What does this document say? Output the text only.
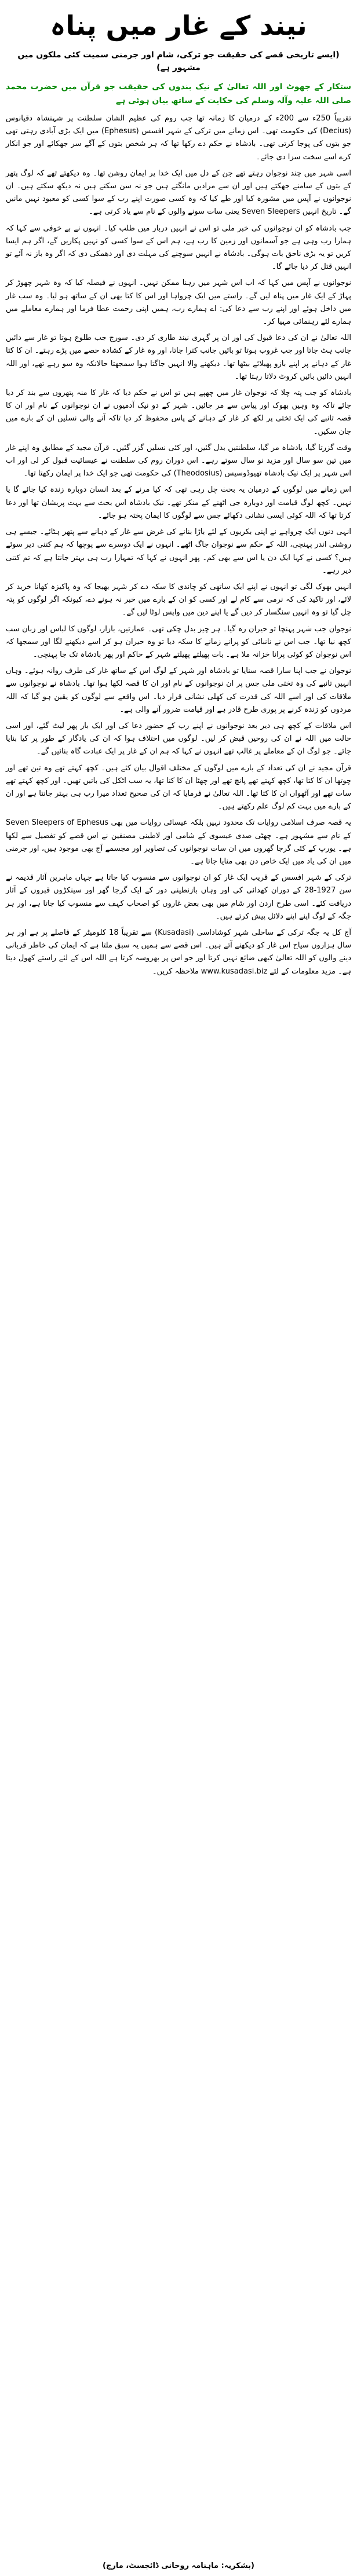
نیند کے غار میں پناہ
(ایسے تاریخی قصے کی حقیقت جو ترکی، شام اور جرمنی سمیت کئی ملکوں میں مشہور ہے)
ستکار کے جھوٹ اور اللہ تعالیٰ کے نیک بندوں کی حقیقت جو قرآن میں حضرت محمد صلی اللہ علیہ وآلہ وسلم کی حکایت کے ساتھ بیان ہوئی ہے

تقریباً 250ء سے 200ء کے درمیان کا زمانہ تھا جب روم کی عظیم الشان سلطنت پر شہنشاہ دقیانوس (Decius) کی حکومت تھی۔ اس زمانے میں ترکی کے شہر افسس (Ephesus) میں ایک بڑی آبادی رہتی تھی جو بتوں کی پوجا کرتی تھی۔ بادشاہ نے حکم دے رکھا تھا کہ ہر شخص بتوں کے آگے سر جھکائے اور جو انکار کرے اسے سخت سزا دی جائے۔

اسی شہر میں چند نوجوان رہتے تھے جن کے دل میں ایک خدا پر ایمان روشن تھا۔ وہ دیکھتے تھے کہ لوگ پتھر کے بتوں کے سامنے جھکتے ہیں اور ان سے مرادیں مانگتے ہیں جو نہ سن سکتے ہیں نہ دیکھ سکتے ہیں۔ ان نوجوانوں نے آپس میں مشورہ کیا اور طے کیا کہ وہ کسی صورت اپنے رب کے سوا کسی کو معبود نہیں مانیں گے۔ تاریخ انہیں Seven Sleepers یعنی سات سونے والوں کے نام سے یاد کرتی ہے۔

جب بادشاہ کو ان نوجوانوں کی خبر ملی تو اس نے انہیں دربار میں طلب کیا۔ انہوں نے بے خوفی سے کہا کہ ہمارا رب وہی ہے جو آسمانوں اور زمین کا رب ہے، ہم اس کے سوا کسی کو نہیں پکاریں گے، اگر ہم ایسا کریں تو یہ بڑی ناحق بات ہوگی۔ بادشاہ نے انہیں سوچنے کی مہلت دی اور دھمکی دی کہ اگر وہ باز نہ آئے تو انہیں قتل کر دیا جائے گا۔

نوجوانوں نے آپس میں کہا کہ اب اس شہر میں رہنا ممکن نہیں۔ انہوں نے فیصلہ کیا کہ وہ شہر چھوڑ کر پہاڑ کے ایک غار میں پناہ لیں گے۔ راستے میں ایک چرواہا اور اس کا کتا بھی ان کے ساتھ ہو لیا۔ وہ سب غار میں داخل ہوئے اور اپنے رب سے دعا کی: اے ہمارے رب، ہمیں اپنی رحمت عطا فرما اور ہمارے معاملے میں ہمارے لئے رہنمائی مہیا کر۔

اللہ تعالیٰ نے ان کی دعا قبول کی اور ان پر گہری نیند طاری کر دی۔ سورج جب طلوع ہوتا تو غار سے دائیں جانب ہٹ جاتا اور جب غروب ہوتا تو بائیں جانب کترا جاتا، اور وہ غار کے کشادہ حصے میں پڑے رہتے۔ ان کا کتا غار کے دہانے پر اپنے بازو پھیلائے بیٹھا تھا۔ دیکھنے والا انہیں جاگتا ہوا سمجھتا حالانکہ وہ سو رہے تھے، اور اللہ انہیں دائیں بائیں کروٹ دلاتا رہتا تھا۔

بادشاہ کو جب پتہ چلا کہ نوجوان غار میں چھپے ہیں تو اس نے حکم دیا کہ غار کا منہ پتھروں سے بند کر دیا جائے تاکہ وہ وہیں بھوک اور پیاس سے مر جائیں۔ شہر کے دو نیک آدمیوں نے ان نوجوانوں کے نام اور ان کا قصہ تانبے کی ایک تختی پر لکھ کر غار کے دہانے کے پاس محفوظ کر دیا تاکہ آنے والی نسلیں ان کے بارے میں جان سکیں۔

وقت گزرتا گیا، بادشاہ مر گیا، سلطنتیں بدل گئیں، اور کئی نسلیں گزر گئیں۔ قرآن مجید کے مطابق وہ اپنے غار میں تین سو سال اور مزید نو سال سوتے رہے۔ اس دوران روم کی سلطنت نے عیسائیت قبول کر لی اور اب اس شہر پر ایک نیک بادشاہ تھیوڈوسیس (Theodosius) کی حکومت تھی جو ایک خدا پر ایمان رکھتا تھا۔

اس زمانے میں لوگوں کے درمیان یہ بحث چل رہی تھی کہ کیا مرنے کے بعد انسان دوبارہ زندہ کیا جائے گا یا نہیں۔ کچھ لوگ قیامت اور دوبارہ جی اٹھنے کے منکر تھے۔ نیک بادشاہ اس بحث سے بہت پریشان تھا اور دعا کرتا تھا کہ اللہ کوئی ایسی نشانی دکھائے جس سے لوگوں کا ایمان پختہ ہو جائے۔

انہی دنوں ایک چرواہے نے اپنی بکریوں کے لئے باڑا بنانے کی غرض سے غار کے دہانے سے پتھر ہٹائے۔ جیسے ہی روشنی اندر پہنچی، اللہ کے حکم سے نوجوان جاگ اٹھے۔ انہوں نے ایک دوسرے سے پوچھا کہ ہم کتنی دیر سوئے ہیں؟ کسی نے کہا ایک دن یا اس سے بھی کم۔ پھر انہوں نے کہا کہ تمہارا رب ہی بہتر جانتا ہے کہ تم کتنی دیر رہے۔

انہیں بھوک لگی تو انہوں نے اپنے ایک ساتھی کو چاندی کا سکہ دے کر شہر بھیجا کہ وہ پاکیزہ کھانا خرید کر لائے، اور تاکید کی کہ نرمی سے کام لے اور کسی کو ان کے بارے میں خبر نہ ہونے دے، کیونکہ اگر لوگوں کو پتہ چل گیا تو وہ انہیں سنگسار کر دیں گے یا اپنے دین میں واپس لوٹا لیں گے۔

نوجوان جب شہر پہنچا تو حیران رہ گیا۔ ہر چیز بدل چکی تھی۔ عمارتیں، بازار، لوگوں کا لباس اور زبان سب کچھ نیا تھا۔ جب اس نے نانبائی کو پرانے زمانے کا سکہ دیا تو وہ حیران ہو کر اسے دیکھنے لگا اور سمجھا کہ اس نوجوان کو کوئی پرانا خزانہ ملا ہے۔ بات پھیلتے پھیلتے شہر کے حاکم اور پھر بادشاہ تک جا پہنچی۔

نوجوان نے جب اپنا سارا قصہ سنایا تو بادشاہ اور شہر کے لوگ اس کے ساتھ غار کی طرف روانہ ہوئے۔ وہاں انہیں تانبے کی وہ تختی ملی جس پر ان نوجوانوں کے نام اور ان کا قصہ لکھا ہوا تھا۔ بادشاہ نے نوجوانوں سے ملاقات کی اور اسے اللہ کی قدرت کی کھلی نشانی قرار دیا۔ اس واقعے سے لوگوں کو یقین ہو گیا کہ اللہ مردوں کو زندہ کرنے پر پوری طرح قادر ہے اور قیامت ضرور آنے والی ہے۔

اس ملاقات کے کچھ ہی دیر بعد نوجوانوں نے اپنے رب کے حضور دعا کی اور ایک بار پھر لیٹ گئے، اور اسی حالت میں اللہ نے ان کی روحیں قبض کر لیں۔ لوگوں میں اختلاف ہوا کہ ان کی یادگار کے طور پر کیا بنایا جائے۔ جو لوگ ان کے معاملے پر غالب تھے انہوں نے کہا کہ ہم ان کے غار پر ایک عبادت گاہ بنائیں گے۔

قرآن مجید نے ان کی تعداد کے بارے میں لوگوں کے مختلف اقوال بیان کئے ہیں۔ کچھ کہتے تھے وہ تین تھے اور چوتھا ان کا کتا تھا، کچھ کہتے تھے پانچ تھے اور چھٹا ان کا کتا تھا، یہ سب اٹکل کی باتیں تھیں۔ اور کچھ کہتے تھے سات تھے اور آٹھواں ان کا کتا تھا۔ اللہ تعالیٰ نے فرمایا کہ ان کی صحیح تعداد میرا رب ہی بہتر جانتا ہے اور ان کے بارے میں بہت کم لوگ علم رکھتے ہیں۔

یہ قصہ صرف اسلامی روایات تک محدود نہیں بلکہ عیسائی روایات میں بھی Seven Sleepers of Ephesus کے نام سے مشہور ہے۔ چھٹی صدی عیسوی کے شامی اور لاطینی مصنفین نے اس قصے کو تفصیل سے لکھا ہے۔ یورپ کے کئی گرجا گھروں میں ان سات نوجوانوں کی تصاویر اور مجسمے آج بھی موجود ہیں، اور جرمنی میں ان کی یاد میں ایک خاص دن بھی منایا جاتا ہے۔

ترکی کے شہر افسس کے قریب ایک غار کو ان نوجوانوں سے منسوب کیا جاتا ہے جہاں ماہرین آثار قدیمہ نے سن 1927-28 کے دوران کھدائی کی اور وہاں بازنطینی دور کے ایک گرجا گھر اور سینکڑوں قبروں کے آثار دریافت کئے۔ اسی طرح اردن اور شام میں بھی بعض غاروں کو اصحاب کہف سے منسوب کیا جاتا ہے، اور ہر جگہ کے لوگ اپنے اپنے دلائل پیش کرتے ہیں۔

آج کل یہ جگہ ترکی کے ساحلی شہر کوشاداسی (Kusadasi) سے تقریباً 18 کلومیٹر کے فاصلے پر ہے اور ہر سال ہزاروں سیاح اس غار کو دیکھنے آتے ہیں۔ اس قصے سے ہمیں یہ سبق ملتا ہے کہ ایمان کی خاطر قربانی دینے والوں کو اللہ تعالیٰ کبھی ضائع نہیں کرتا اور جو اس پر بھروسہ کرتا ہے اللہ اس کے لئے راستے کھول دیتا ہے۔ مزید معلومات کے لئے www.kusadasi.biz ملاحظہ کریں۔

(بشکریہ: ماہنامہ روحانی ڈائجسٹ، مارچ)
